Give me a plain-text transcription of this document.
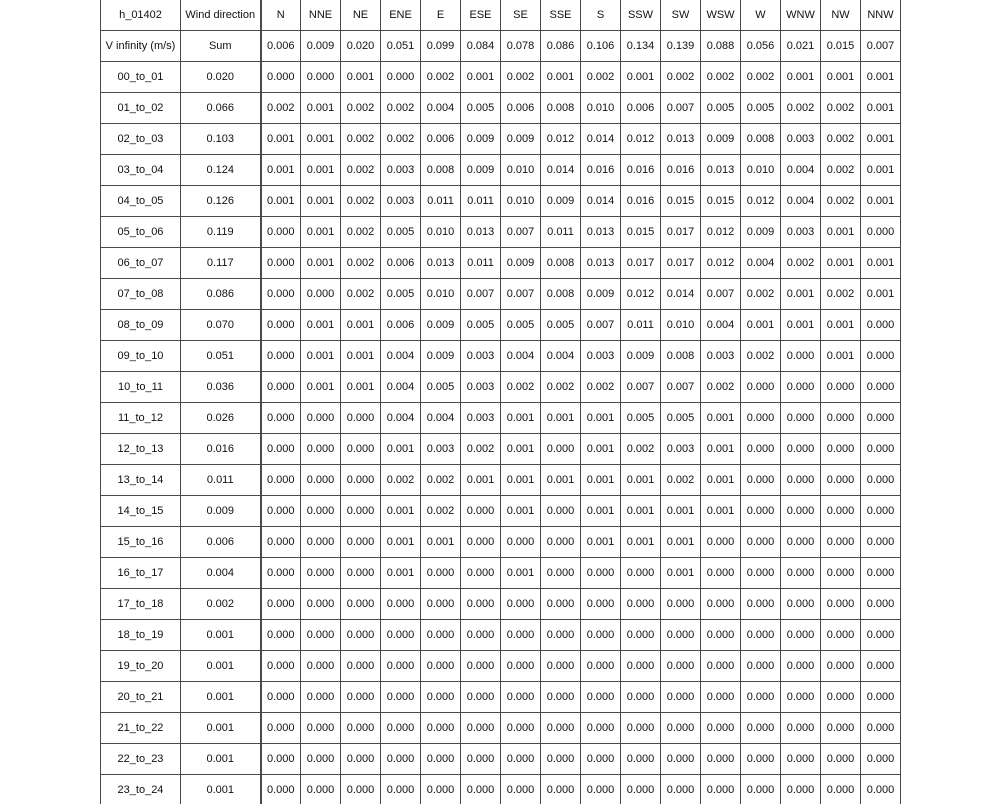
h_01402	Wind direction	N	NNE	NE	ENE	E	ESE	SE	SSE	S	SSW	SW	WSW	W	WNW	NW	NNW
V infinity (m/s)	Sum	0.006	0.009	0.020	0.051	0.099	0.084	0.078	0.086	0.106	0.134	0.139	0.088	0.056	0.021	0.015	0.007
00_to_01	0.020	0.000	0.000	0.001	0.000	0.002	0.001	0.002	0.001	0.002	0.001	0.002	0.002	0.002	0.001	0.001	0.001
01_to_02	0.066	0.002	0.001	0.002	0.002	0.004	0.005	0.006	0.008	0.010	0.006	0.007	0.005	0.005	0.002	0.002	0.001
02_to_03	0.103	0.001	0.001	0.002	0.002	0.006	0.009	0.009	0.012	0.014	0.012	0.013	0.009	0.008	0.003	0.002	0.001
03_to_04	0.124	0.001	0.001	0.002	0.003	0.008	0.009	0.010	0.014	0.016	0.016	0.016	0.013	0.010	0.004	0.002	0.001
04_to_05	0.126	0.001	0.001	0.002	0.003	0.011	0.011	0.010	0.009	0.014	0.016	0.015	0.015	0.012	0.004	0.002	0.001
05_to_06	0.119	0.000	0.001	0.002	0.005	0.010	0.013	0.007	0.011	0.013	0.015	0.017	0.012	0.009	0.003	0.001	0.000
06_to_07	0.117	0.000	0.001	0.002	0.006	0.013	0.011	0.009	0.008	0.013	0.017	0.017	0.012	0.004	0.002	0.001	0.001
07_to_08	0.086	0.000	0.000	0.002	0.005	0.010	0.007	0.007	0.008	0.009	0.012	0.014	0.007	0.002	0.001	0.002	0.001
08_to_09	0.070	0.000	0.001	0.001	0.006	0.009	0.005	0.005	0.005	0.007	0.011	0.010	0.004	0.001	0.001	0.001	0.000
09_to_10	0.051	0.000	0.001	0.001	0.004	0.009	0.003	0.004	0.004	0.003	0.009	0.008	0.003	0.002	0.000	0.001	0.000
10_to_11	0.036	0.000	0.001	0.001	0.004	0.005	0.003	0.002	0.002	0.002	0.007	0.007	0.002	0.000	0.000	0.000	0.000
11_to_12	0.026	0.000	0.000	0.000	0.004	0.004	0.003	0.001	0.001	0.001	0.005	0.005	0.001	0.000	0.000	0.000	0.000
12_to_13	0.016	0.000	0.000	0.000	0.001	0.003	0.002	0.001	0.000	0.001	0.002	0.003	0.001	0.000	0.000	0.000	0.000
13_to_14	0.011	0.000	0.000	0.000	0.002	0.002	0.001	0.001	0.001	0.001	0.001	0.002	0.001	0.000	0.000	0.000	0.000
14_to_15	0.009	0.000	0.000	0.000	0.001	0.002	0.000	0.001	0.000	0.001	0.001	0.001	0.001	0.000	0.000	0.000	0.000
15_to_16	0.006	0.000	0.000	0.000	0.001	0.001	0.000	0.000	0.000	0.001	0.001	0.001	0.000	0.000	0.000	0.000	0.000
16_to_17	0.004	0.000	0.000	0.000	0.001	0.000	0.000	0.001	0.000	0.000	0.000	0.001	0.000	0.000	0.000	0.000	0.000
17_to_18	0.002	0.000	0.000	0.000	0.000	0.000	0.000	0.000	0.000	0.000	0.000	0.000	0.000	0.000	0.000	0.000	0.000
18_to_19	0.001	0.000	0.000	0.000	0.000	0.000	0.000	0.000	0.000	0.000	0.000	0.000	0.000	0.000	0.000	0.000	0.000
19_to_20	0.001	0.000	0.000	0.000	0.000	0.000	0.000	0.000	0.000	0.000	0.000	0.000	0.000	0.000	0.000	0.000	0.000
20_to_21	0.001	0.000	0.000	0.000	0.000	0.000	0.000	0.000	0.000	0.000	0.000	0.000	0.000	0.000	0.000	0.000	0.000
21_to_22	0.001	0.000	0.000	0.000	0.000	0.000	0.000	0.000	0.000	0.000	0.000	0.000	0.000	0.000	0.000	0.000	0.000
22_to_23	0.001	0.000	0.000	0.000	0.000	0.000	0.000	0.000	0.000	0.000	0.000	0.000	0.000	0.000	0.000	0.000	0.000
23_to_24	0.001	0.000	0.000	0.000	0.000	0.000	0.000	0.000	0.000	0.000	0.000	0.000	0.000	0.000	0.000	0.000	0.000
